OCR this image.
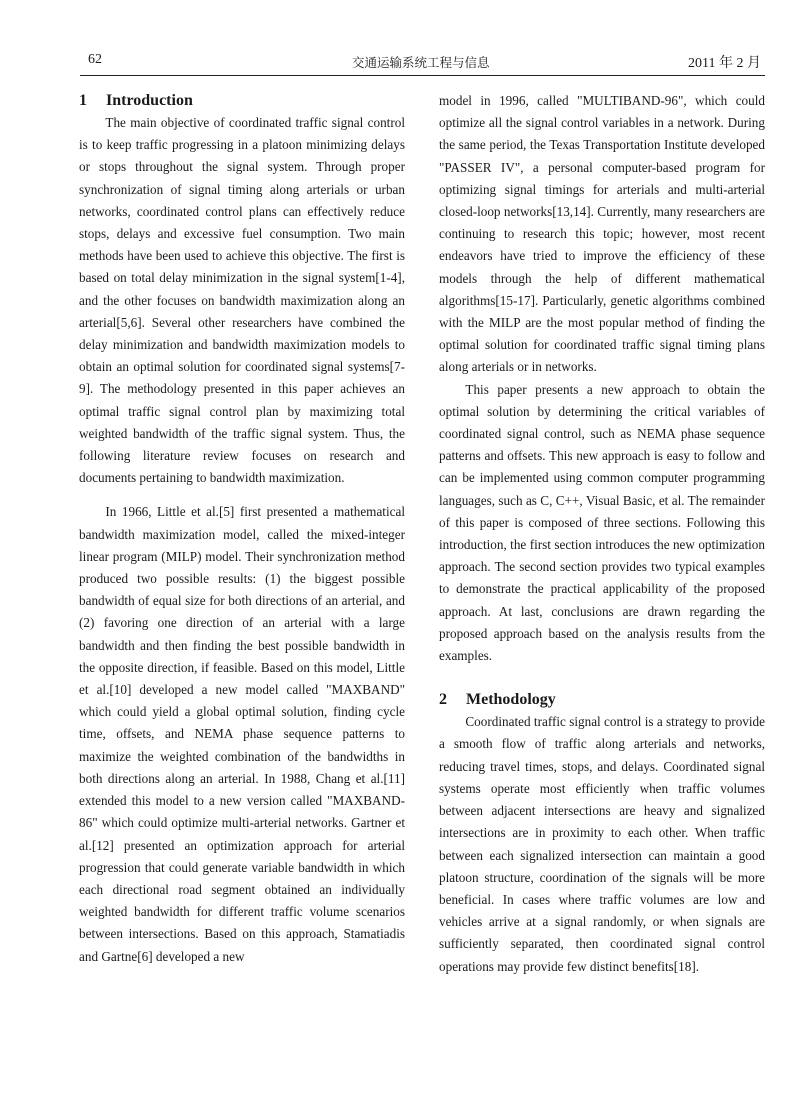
62	交通运输系统工程与信息	2011 年 2 月
1 Introduction

The main objective of coordinated traffic signal control is to keep traffic progressing in a platoon minimizing delays or stops throughout the signal system. Through proper synchronization of signal timing along arterials or urban networks, coordinated control plans can effectively reduce stops, delays and excessive fuel consumption. Two main methods have been used to achieve this objective. The first is based on total delay minimization in the signal system[1-4], and the other focuses on bandwidth maximization along an arterial[5,6]. Several other researchers have combined the delay minimization and bandwidth maximization models to obtain an optimal solution for coordinated signal systems[7-9]. The methodology presented in this paper achieves an optimal traffic signal control plan by maximizing total weighted bandwidth of the traffic signal system. Thus, the following literature review focuses on research and documents pertaining to bandwidth maximization.

In 1966, Little et al.[5] first presented a mathematical bandwidth maximization model, called the mixed-integer linear program (MILP) model. Their synchronization method produced two possible results: (1) the biggest possible bandwidth of equal size for both directions of an arterial, and (2) favoring one direction of an arterial with a large bandwidth and then finding the best possible bandwidth in the opposite direction, if feasible. Based on this model, Little et al.[10] developed a new model called "MAXBAND" which could yield a global optimal solution, finding cycle time, offsets, and NEMA phase sequence patterns to maximize the weighted combination of the bandwidths in both directions along an arterial. In 1988, Chang et al.[11] extended this model to a new version called "MAXBAND-86" which could optimize multi-arterial networks. Gartner et al.[12] presented an optimization approach for arterial progression that could generate variable bandwidth in which each directional road segment obtained an individually weighted bandwidth for different traffic volume scenarios between intersections. Based on this approach, Stamatiadis and Gartne[6] developed a new

model in 1996, called "MULTIBAND-96", which could optimize all the signal control variables in a network. During the same period, the Texas Transportation Institute developed "PASSER IV", a personal computer-based program for optimizing signal timings for arterials and multi-arterial closed-loop networks[13,14]. Currently, many researchers are continuing to research this topic; however, most recent endeavors have tried to improve the efficiency of these models through the help of different mathematical algorithms[15-17]. Particularly, genetic algorithms combined with the MILP are the most popular method of finding the optimal solution for coordinated traffic signal timing plans along arterials or in networks.

This paper presents a new approach to obtain the optimal solution by determining the critical variables of coordinated signal control, such as NEMA phase sequence patterns and offsets. This new approach is easy to follow and can be implemented using common computer programming languages, such as C, C++, Visual Basic, et al. The remainder of this paper is composed of three sections. Following this introduction, the first section introduces the new optimization approach. The second section provides two typical examples to demonstrate the practical applicability of the proposed approach. At last, conclusions are drawn regarding the proposed approach based on the analysis results from the examples.

2 Methodology

Coordinated traffic signal control is a strategy to provide a smooth flow of traffic along arterials and networks, reducing travel times, stops, and delays. Coordinated signal systems operate most efficiently when traffic volumes between adjacent intersections are heavy and signalized intersections are in proximity to each other. When traffic between each signalized intersection can maintain a good platoon structure, coordination of the signals will be more beneficial. In cases where traffic volumes are low and vehicles arrive at a signal randomly, or when signals are sufficiently separated, then coordinated signal control operations may provide few distinct benefits[18].
